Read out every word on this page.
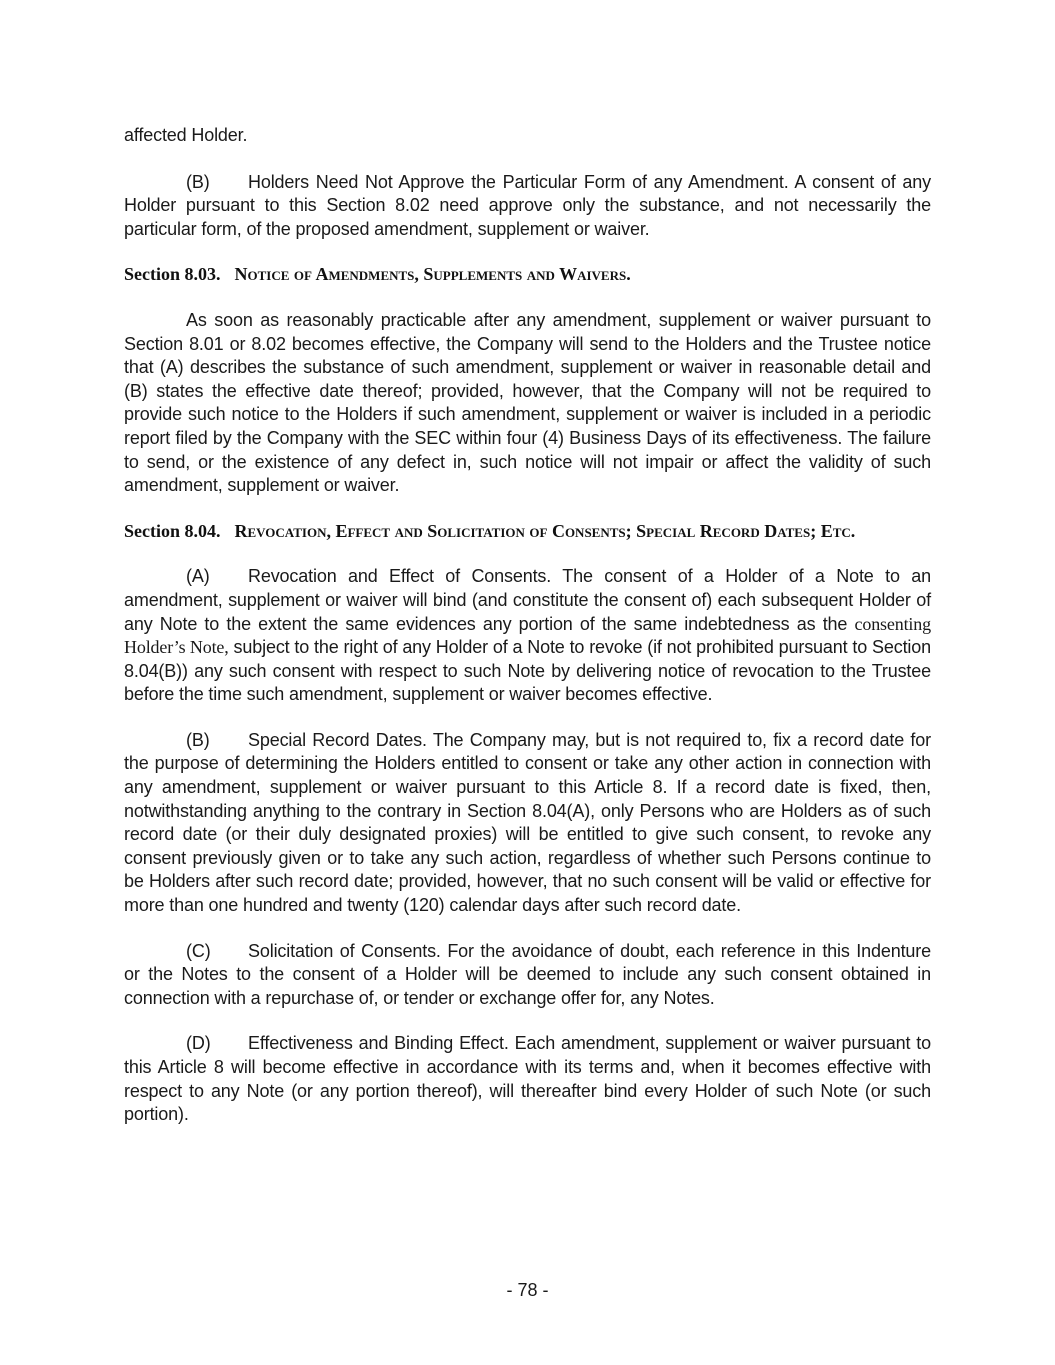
affected Holder.

(B) Holders Need Not Approve the Particular Form of any Amendment. A consent of any Holder pursuant to this Section 8.02 need approve only the substance, and not necessarily the particular form, of the proposed amendment, supplement or waiver.

Section 8.03. Notice of Amendments, Supplements and Waivers.

As soon as reasonably practicable after any amendment, supplement or waiver pursuant to Section 8.01 or 8.02 becomes effective, the Company will send to the Holders and the Trustee notice that (A) describes the substance of such amendment, supplement or waiver in reasonable detail and (B) states the effective date thereof; provided, however, that the Company will not be required to provide such notice to the Holders if such amendment, supplement or waiver is included in a periodic report filed by the Company with the SEC within four (4) Business Days of its effectiveness. The failure to send, or the existence of any defect in, such notice will not impair or affect the validity of such amendment, supplement or waiver.

Section 8.04. Revocation, Effect and Solicitation of Consents; Special Record Dates; Etc.

(A) Revocation and Effect of Consents. The consent of a Holder of a Note to an amendment, supplement or waiver will bind (and constitute the consent of) each subsequent Holder of any Note to the extent the same evidences any portion of the same indebtedness as the consenting Holder’s Note, subject to the right of any Holder of a Note to revoke (if not prohibited pursuant to Section 8.04(B)) any such consent with respect to such Note by delivering notice of revocation to the Trustee before the time such amendment, supplement or waiver becomes effective.

(B) Special Record Dates. The Company may, but is not required to, fix a record date for the purpose of determining the Holders entitled to consent or take any other action in connection with any amendment, supplement or waiver pursuant to this Article 8. If a record date is fixed, then, notwithstanding anything to the contrary in Section 8.04(A), only Persons who are Holders as of such record date (or their duly designated proxies) will be entitled to give such consent, to revoke any consent previously given or to take any such action, regardless of whether such Persons continue to be Holders after such record date; provided, however, that no such consent will be valid or effective for more than one hundred and twenty (120) calendar days after such record date.

(C) Solicitation of Consents. For the avoidance of doubt, each reference in this Indenture or the Notes to the consent of a Holder will be deemed to include any such consent obtained in connection with a repurchase of, or tender or exchange offer for, any Notes.

(D) Effectiveness and Binding Effect. Each amendment, supplement or waiver pursuant to this Article 8 will become effective in accordance with its terms and, when it becomes effective with respect to any Note (or any portion thereof), will thereafter bind every Holder of such Note (or such portion).

- 78 -
